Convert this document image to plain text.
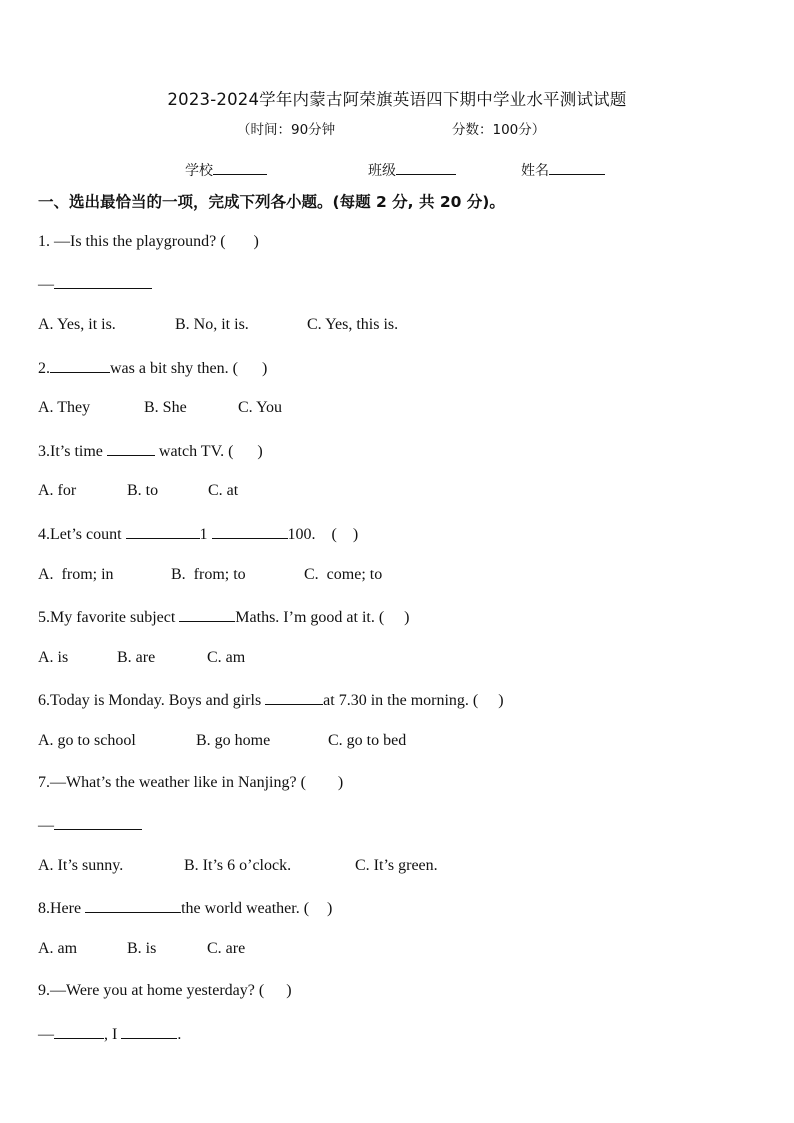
2023-2024学年内蒙古阿荣旗英语四下期中学业水平测试试题
（时间：90分钟	分数：100分）
学校	班级	姓名
一、选出最恰当的一项，完成下列各小题。(每题 2 分, 共 20 分)。
1. —Is this the playground? ( )
—
A. Yes, it is.	B. No, it is.	C. Yes, this is.
2.	was a bit shy then. ( )
A. They	B. She	C. You
3.It’s time	watch TV. ( )
A. for	B. to	C. at
4.Let’s count	1	100. ( )
A.  from; in	B.  from; to	C.  come; to
5.My favorite subject	Maths. I’m good at it. ( )
A. is	B. are	C. am
6.Today is Monday. Boys and girls	at 7.30 in the morning. ( )
A. go to school	B. go home	C. go to bed
7.—What’s the weather like in Nanjing? ( )
—
A. It’s sunny.	B. It’s 6 o’clock.	C. It’s green.
8.Here	the world weather. ( )
A. am	B. is	C. are
9.—Were you at home yesterday? ( )
—	, I	.
